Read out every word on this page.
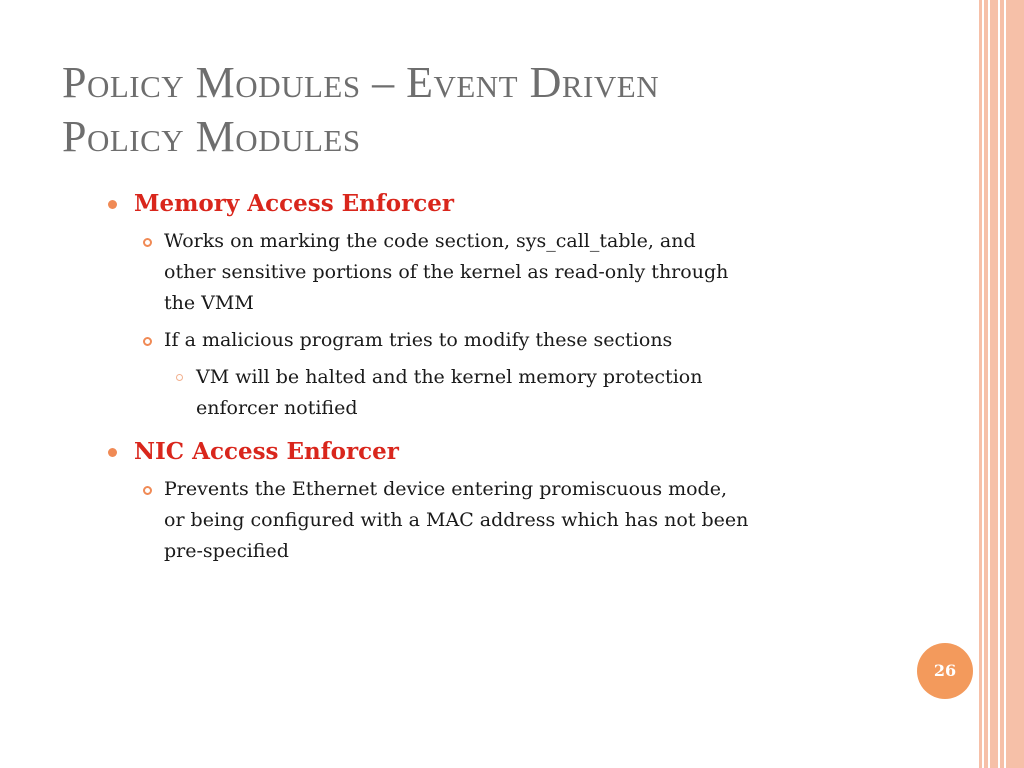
Policy Modules – Event Driven
Policy Modules

Memory Access Enforcer

Works on marking the code section, sys_call_table, and
other sensitive portions of the kernel as read-only through
the VMM

If a malicious program tries to modify these sections

VM will be halted and the kernel memory protection
enforcer notified

NIC Access Enforcer

Prevents the Ethernet device entering promiscuous mode,
or being configured with a MAC address which has not been
pre-specified

26
